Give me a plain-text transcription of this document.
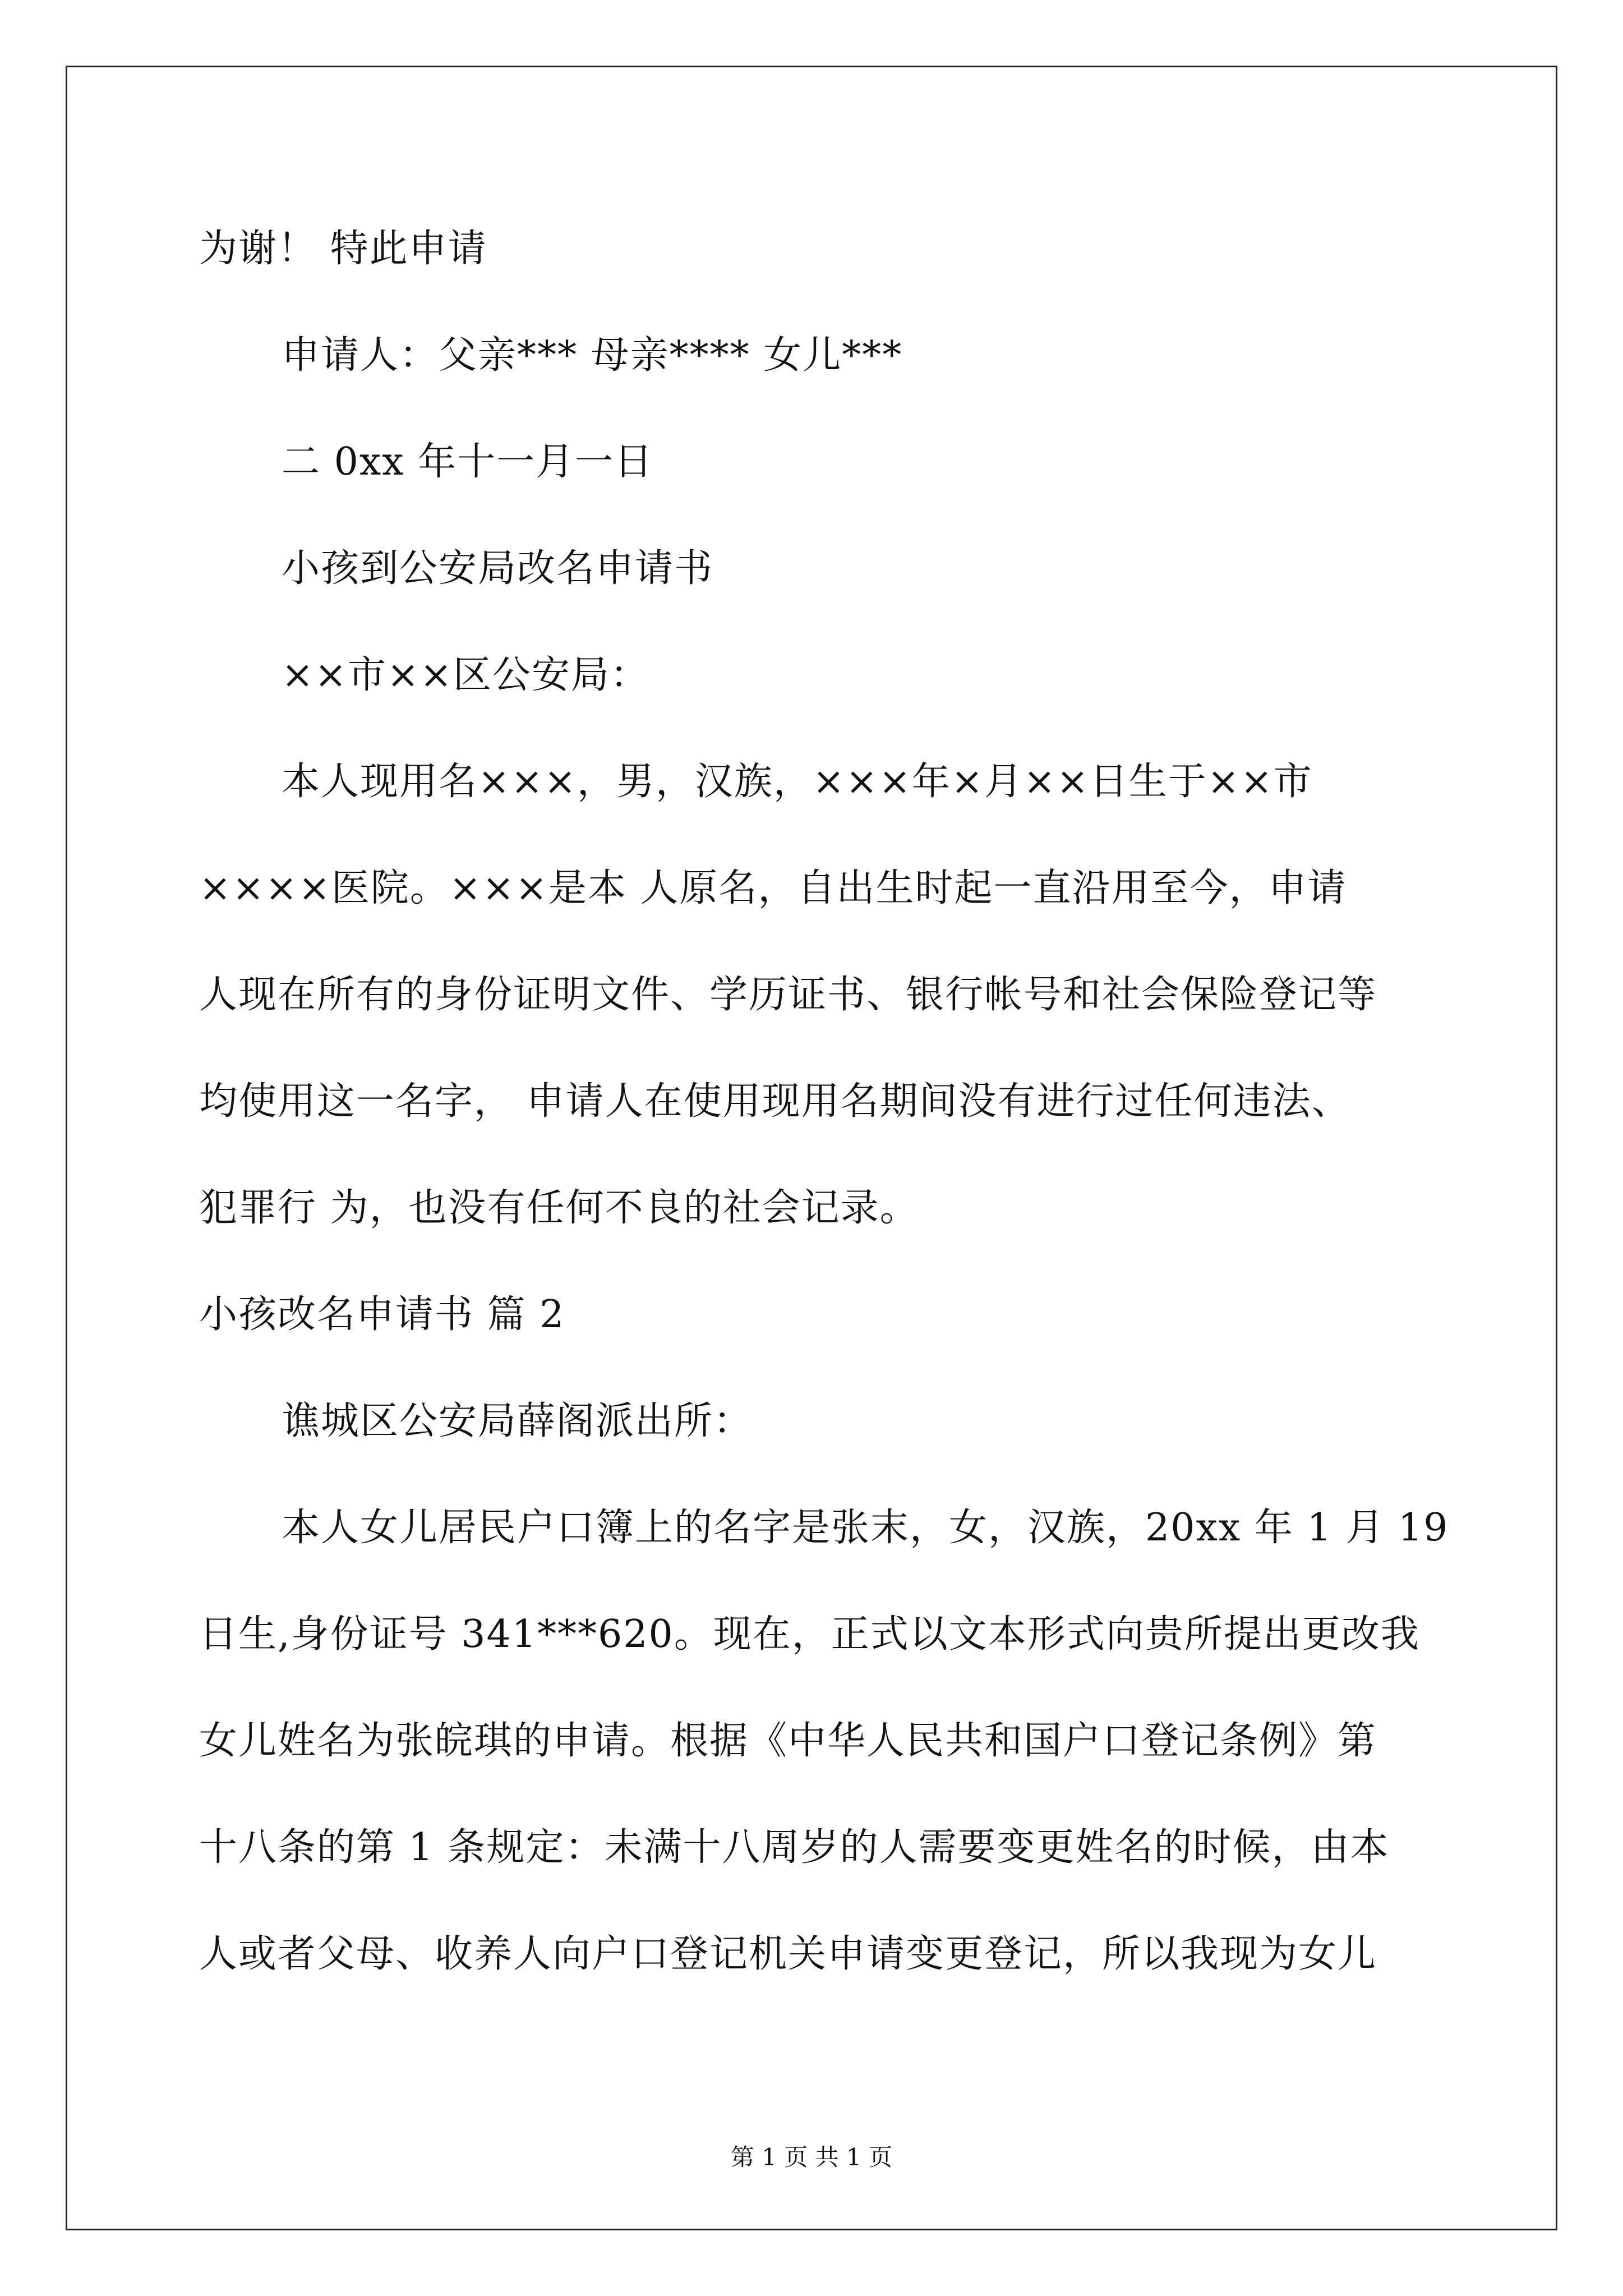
为谢！ 特此申请
申请人：父亲*** 母亲**** 女儿***
二 0xx 年十一月一日
小孩到公安局改名申请书
××市××区公安局：
本人现用名×××，男，汉族，×××年×月××日生于××市
××××医院。×××是本 人原名，自出生时起一直沿用至今，申请
人现在所有的身份证明文件、学历证书、银行帐号和社会保险登记等
均使用这一名字， 申请人在使用现用名期间没有进行过任何违法、
犯罪行 为，也没有任何不良的社会记录。
小孩改名申请书 篇 2
谯城区公安局薛阁派出所：
本人女儿居民户口簿上的名字是张末，女，汉族，20xx 年 1 月 19
日生,身份证号 341***620。现在，正式以文本形式向贵所提出更改我
女儿姓名为张皖琪的申请。根据《中华人民共和国户口登记条例》第
十八条的第 1 条规定：未满十八周岁的人需要变更姓名的时候，由本
人或者父母、收养人向户口登记机关申请变更登记，所以我现为女儿
第 1 页 共 1 页
